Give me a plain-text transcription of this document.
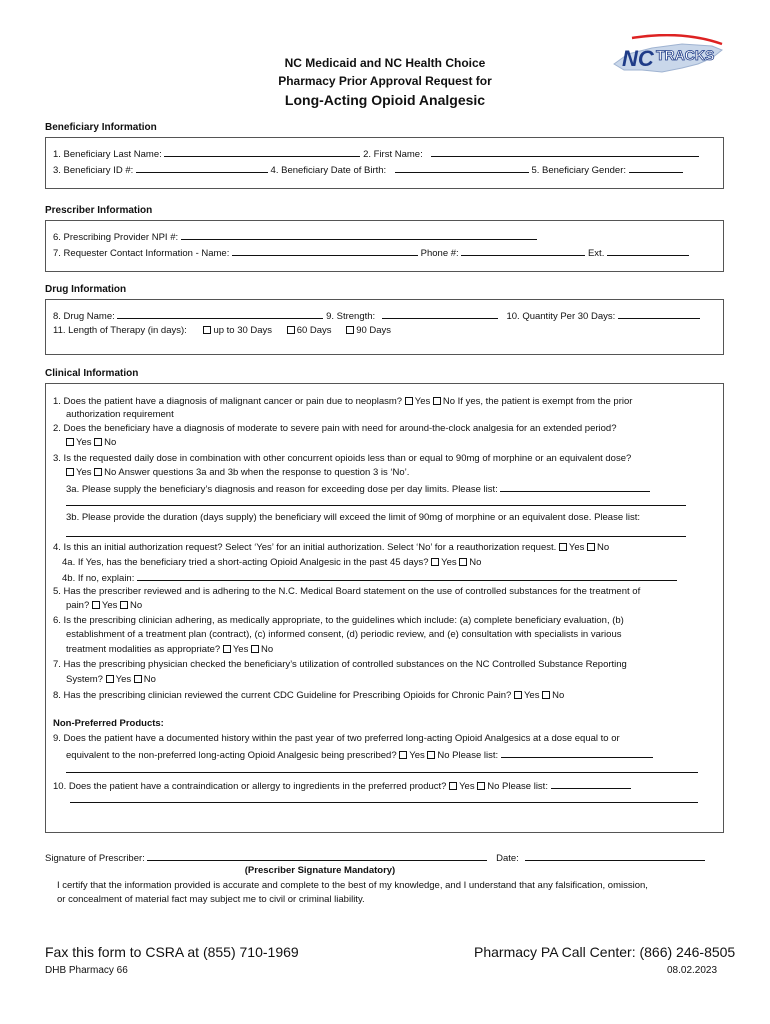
NC Medicaid and NC Health Choice
Pharmacy Prior Approval Request for
Long-Acting Opioid Analgesic
NC TRACKS
Beneficiary Information
1. Beneficiary Last Name:	2. First Name:
3. Beneficiary ID #:	4. Beneficiary Date of Birth:	5. Beneficiary Gender:
Prescriber Information
6. Prescribing Provider NPI #:
7. Requester Contact Information - Name:	Phone #:	Ext.
Drug Information
8. Drug Name:	9. Strength:	10. Quantity Per 30 Days:
11. Length of Therapy (in days):	up to 30 Days	60 Days	90 Days
Clinical Information
1. Does the patient have a diagnosis of malignant cancer or pain due to neoplasm? Yes No If yes, the patient is exempt from the prior
authorization requirement
2. Does the beneficiary have a diagnosis of moderate to severe pain with need for around-the-clock analgesia for an extended period?
Yes No
3. Is the requested daily dose in combination with other concurrent opioids less than or equal to 90mg of morphine or an equivalent dose?
Yes No Answer questions 3a and 3b when the response to question 3 is ‘No’.
3a. Please supply the beneficiary’s diagnosis and reason for exceeding dose per day limits. Please list:
3b. Please provide the duration (days supply) the beneficiary will exceed the limit of 90mg of morphine or an equivalent dose. Please list:
4. Is this an initial authorization request? Select ‘Yes’ for an initial authorization. Select ‘No’ for a reauthorization request. Yes No
4a. If Yes, has the beneficiary tried a short-acting Opioid Analgesic in the past 45 days? Yes No
4b. If no, explain:
5. Has the prescriber reviewed and is adhering to the N.C. Medical Board statement on the use of controlled substances for the treatment of
pain? Yes No
6. Is the prescribing clinician adhering, as medically appropriate, to the guidelines which include: (a) complete beneficiary evaluation, (b)
establishment of a treatment plan (contract), (c) informed consent, (d) periodic review, and (e) consultation with specialists in various
treatment modalities as appropriate? Yes No
7. Has the prescribing physician checked the beneficiary’s utilization of controlled substances on the NC Controlled Substance Reporting
System? Yes No
8. Has the prescribing clinician reviewed the current CDC Guideline for Prescribing Opioids for Chronic Pain? Yes No
Non-Preferred Products:
9. Does the patient have a documented history within the past year of two preferred long-acting Opioid Analgesics at a dose equal to or
equivalent to the non-preferred long-acting Opioid Analgesic being prescribed? Yes No Please list:
10. Does the patient have a contraindication or allergy to ingredients in the preferred product? Yes No Please list:
Signature of Prescriber:	Date:
(Prescriber Signature Mandatory)
I certify that the information provided is accurate and complete to the best of my knowledge, and I understand that any falsification, omission,
or concealment of material fact may subject me to civil or criminal liability.
Fax this form to CSRA at (855) 710-1969	Pharmacy PA Call Center: (866) 246-8505
DHB Pharmacy 66	08.02.2023
